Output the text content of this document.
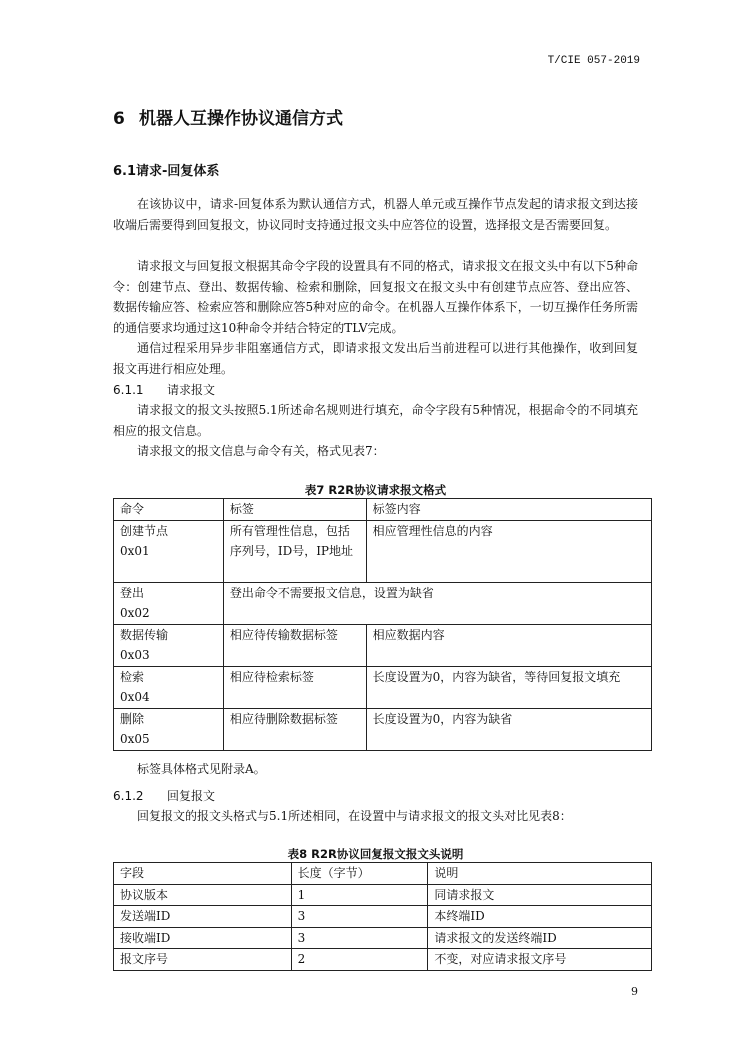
T/CIE 057-2019
6 机器人互操作协议通信方式
6.1请求-回复体系

在该协议中，请求-回复体系为默认通信方式，机器人单元或互操作节点发起的请求报文到达接收端后需要得到回复报文，协议同时支持通过报文头中应答位的设置，选择报文是否需要回复。

请求报文与回复报文根据其命令字段的设置具有不同的格式，请求报文在报文头中有以下5种命令：创建节点、登出、数据传输、检索和删除，回复报文在报文头中有创建节点应答、登出应答、数据传输应答、检索应答和删除应答5种对应的命令。在机器人互操作体系下，一切互操作任务所需的通信要求均通过这10种命令并结合特定的TLV完成。

通信过程采用异步非阻塞通信方式，即请求报文发出后当前进程可以进行其他操作，收到回复报文再进行相应处理。

6.1.1 请求报文

请求报文的报文头按照5.1所述命名规则进行填充，命令字段有5种情况，根据命令的不同填充相应的报文信息。

请求报文的报文信息与命令有关，格式见表7：

表7 R2R协议请求报文格式
命令	标签	标签内容
创建节点
0x01	所有管理性信息，包括序列号，ID号，IP地址	相应管理性信息的内容
登出
0x02	登出命令不需要报文信息，设置为缺省	
数据传输
0x03	相应待传输数据标签	相应数据内容
检索
0x04	相应待检索标签	长度设置为0，内容为缺省，等待回复报文填充
删除
0x05	相应待删除数据标签	长度设置为0，内容为缺省

标签具体格式见附录A。

6.1.2 回复报文

回复报文的报文头格式与5.1所述相同，在设置中与请求报文的报文头对比见表8：

表8 R2R协议回复报文报文头说明
字段	长度（字节）	说明
协议版本	1	同请求报文
发送端ID	3	本终端ID
接收端ID	3	请求报文的发送终端ID
报文序号	2	不变，对应请求报文序号
9
